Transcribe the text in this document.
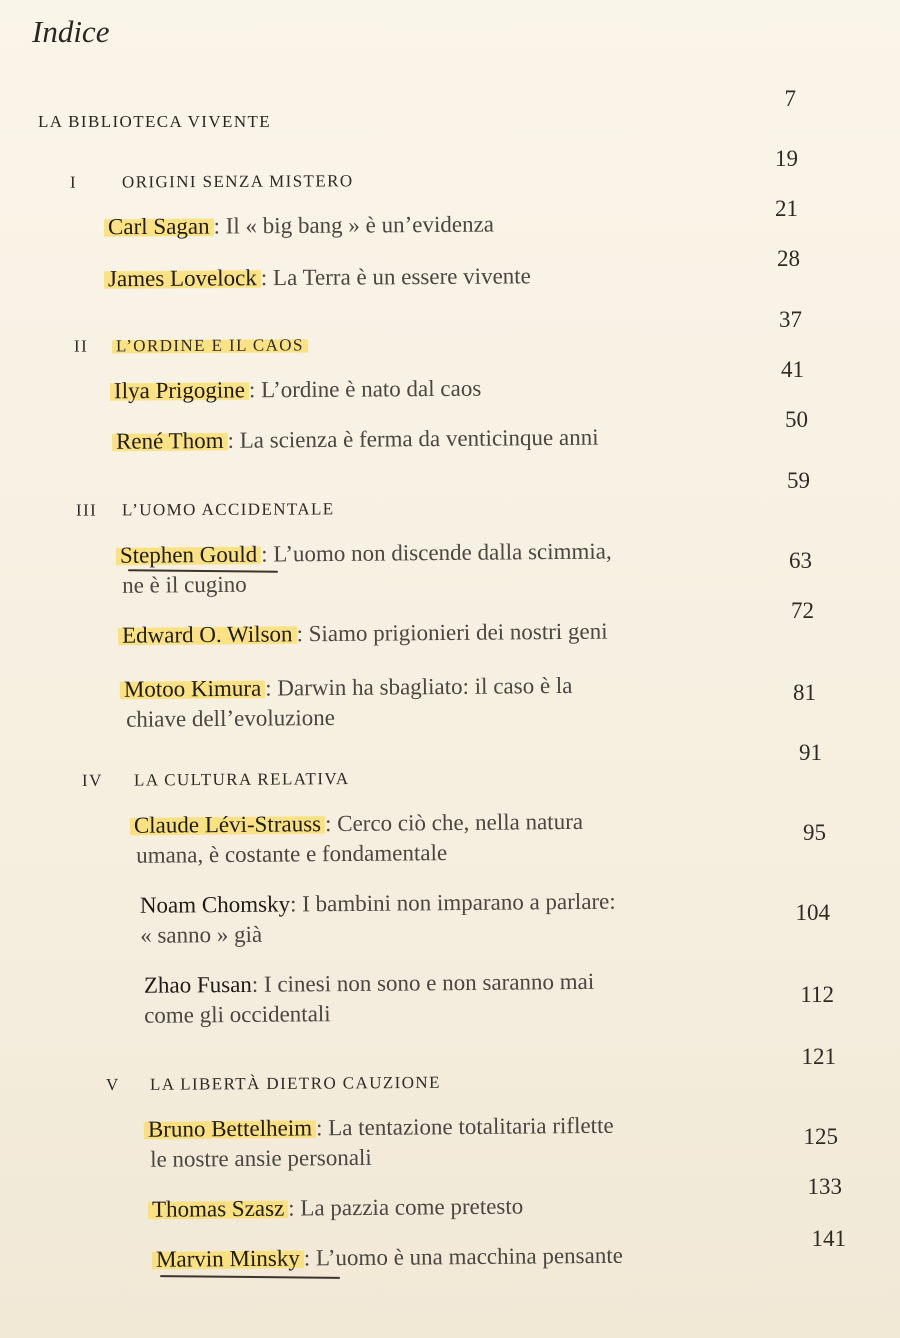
Indice
LA BIBLIOTECA VIVENTE
7
I	ORIGINI SENZA MISTERO
19
Carl Sagan : Il « big bang » è un’evidenza
21
James Lovelock : La Terra è un essere vivente
28
II L’ORDINE E IL CAOS
37
Ilya Prigogine : L’ordine è nato dal caos
41
René Thom : La scienza è ferma da venticinque anni
50
III L’UOMO ACCIDENTALE
59
Stephen Gould : L’uomo non discende dalla scimmia,
ne è il cugino
63
Edward O. Wilson : Siamo prigionieri dei nostri geni
72
Motoo Kimura : Darwin ha sbagliato: il caso è la
chiave dell’evoluzione
81
IV LA CULTURA RELATIVA
91
Claude Lévi-Strauss : Cerco ciò che, nella natura
umana, è costante e fondamentale
95
Noam Chomsky: I bambini non imparano a parlare:
« sanno » già
104
Zhao Fusan: I cinesi non sono e non saranno mai
come gli occidentali
112
V LA LIBERTÀ DIETRO CAUZIONE
121
Bruno Bettelheim : La tentazione totalitaria riflette
le nostre ansie personali
125
Thomas Szasz : La pazzia come pretesto
133
Marvin Minsky : L’uomo è una macchina pensante
141
